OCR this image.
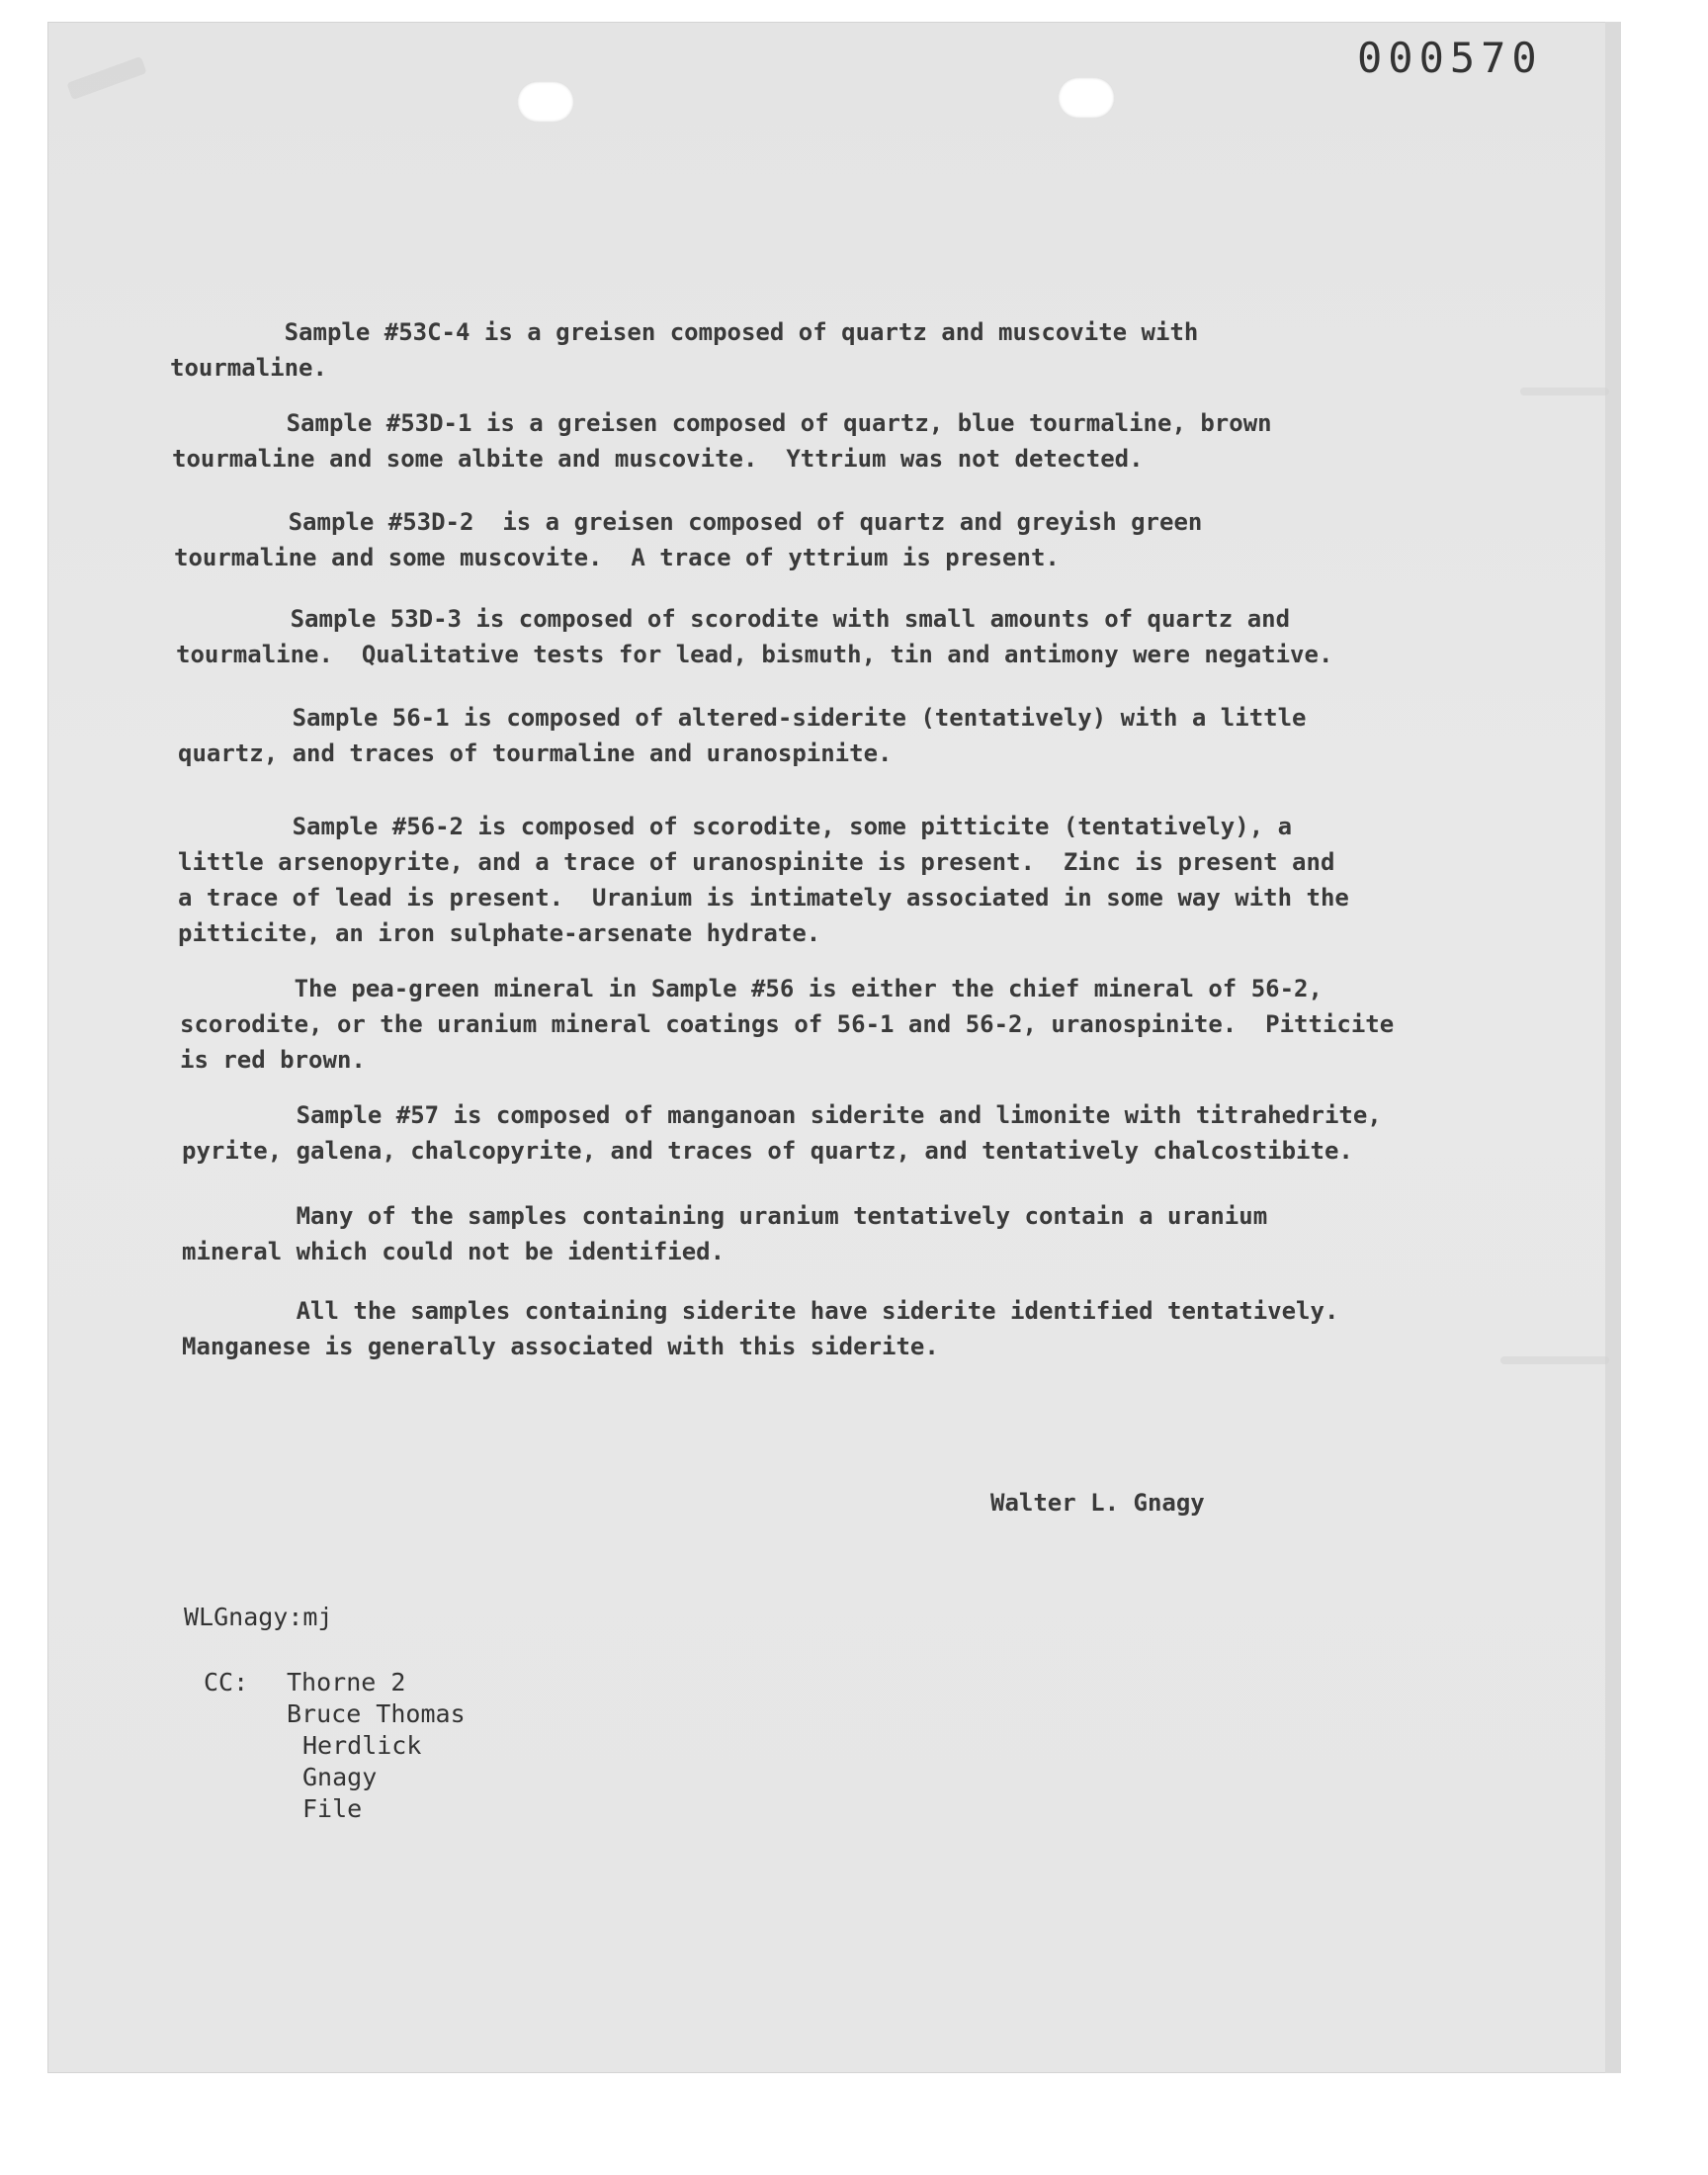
000570
Sample #53C-4 is a greisen composed of quartz and muscovite with
tourmaline.
Sample #53D-1 is a greisen composed of quartz, blue tourmaline, brown
tourmaline and some albite and muscovite.  Yttrium was not detected.
Sample #53D-2  is a greisen composed of quartz and greyish green
tourmaline and some muscovite.  A trace of yttrium is present.
Sample 53D-3 is composed of scorodite with small amounts of quartz and
tourmaline.  Qualitative tests for lead, bismuth, tin and antimony were negative.
Sample 56-1 is composed of altered-siderite (tentatively) with a little
quartz, and traces of tourmaline and uranospinite.
Sample #56-2 is composed of scorodite, some pitticite (tentatively), a
little arsenopyrite, and a trace of uranospinite is present.  Zinc is present and
a trace of lead is present.  Uranium is intimately associated in some way with the
pitticite, an iron sulphate-arsenate hydrate.
The pea-green mineral in Sample #56 is either the chief mineral of 56-2,
scorodite, or the uranium mineral coatings of 56-1 and 56-2, uranospinite.  Pitticite
is red brown.
Sample #57 is composed of manganoan siderite and limonite with titrahedrite,
pyrite, galena, chalcopyrite, and traces of quartz, and tentatively chalcostibite.
Many of the samples containing uranium tentatively contain a uranium
mineral which could not be identified.
All the samples containing siderite have siderite identified tentatively.
Manganese is generally associated with this siderite.
Walter L. Gnagy
WLGnagy:mj
CC: Thorne 2
Bruce Thomas
Herdlick
Gnagy
File
